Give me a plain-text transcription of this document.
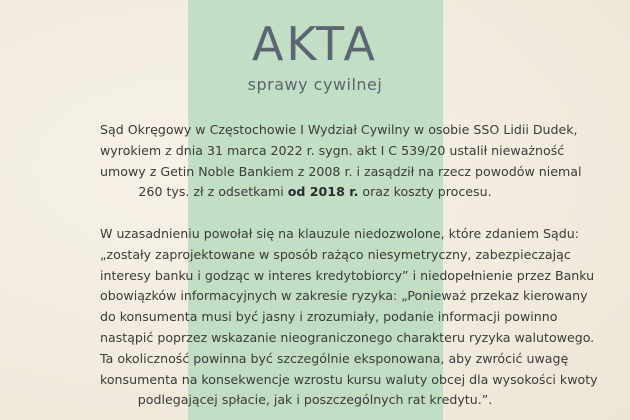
AKTA
sprawy cywilnej

Sąd Okręgowy w Częstochowie I Wydział Cywilny w osobie SSO Lidii Dudek,
wyrokiem z dnia 31 marca 2022 r. sygn. akt I C 539/20 ustalił nieważność
umowy z Getin Noble Bankiem z 2008 r. i zasądził na rzecz powodów niemal
260 tys. zł z odsetkami od 2018 r. oraz koszty procesu.

W uzasadnieniu powołał się na klauzule niedozwolone, które zdaniem Sądu:
„zostały zaprojektowane w sposób rażąco niesymetryczny, zabezpieczając
interesy banku i godząc w interes kredytobiorcy” i niedopełnienie przez Banku
obowiązków informacyjnych w zakresie ryzyka: „Ponieważ przekaz kierowany
do konsumenta musi być jasny i zrozumiały, podanie informacji powinno
nastąpić poprzez wskazanie nieograniczonego charakteru ryzyka walutowego.
Ta okoliczność powinna być szczególnie eksponowana, aby zwrócić uwagę
konsumenta na konsekwencje wzrostu kursu waluty obcej dla wysokości kwoty
podlegającej spłacie, jak i poszczególnych rat kredytu.”.
